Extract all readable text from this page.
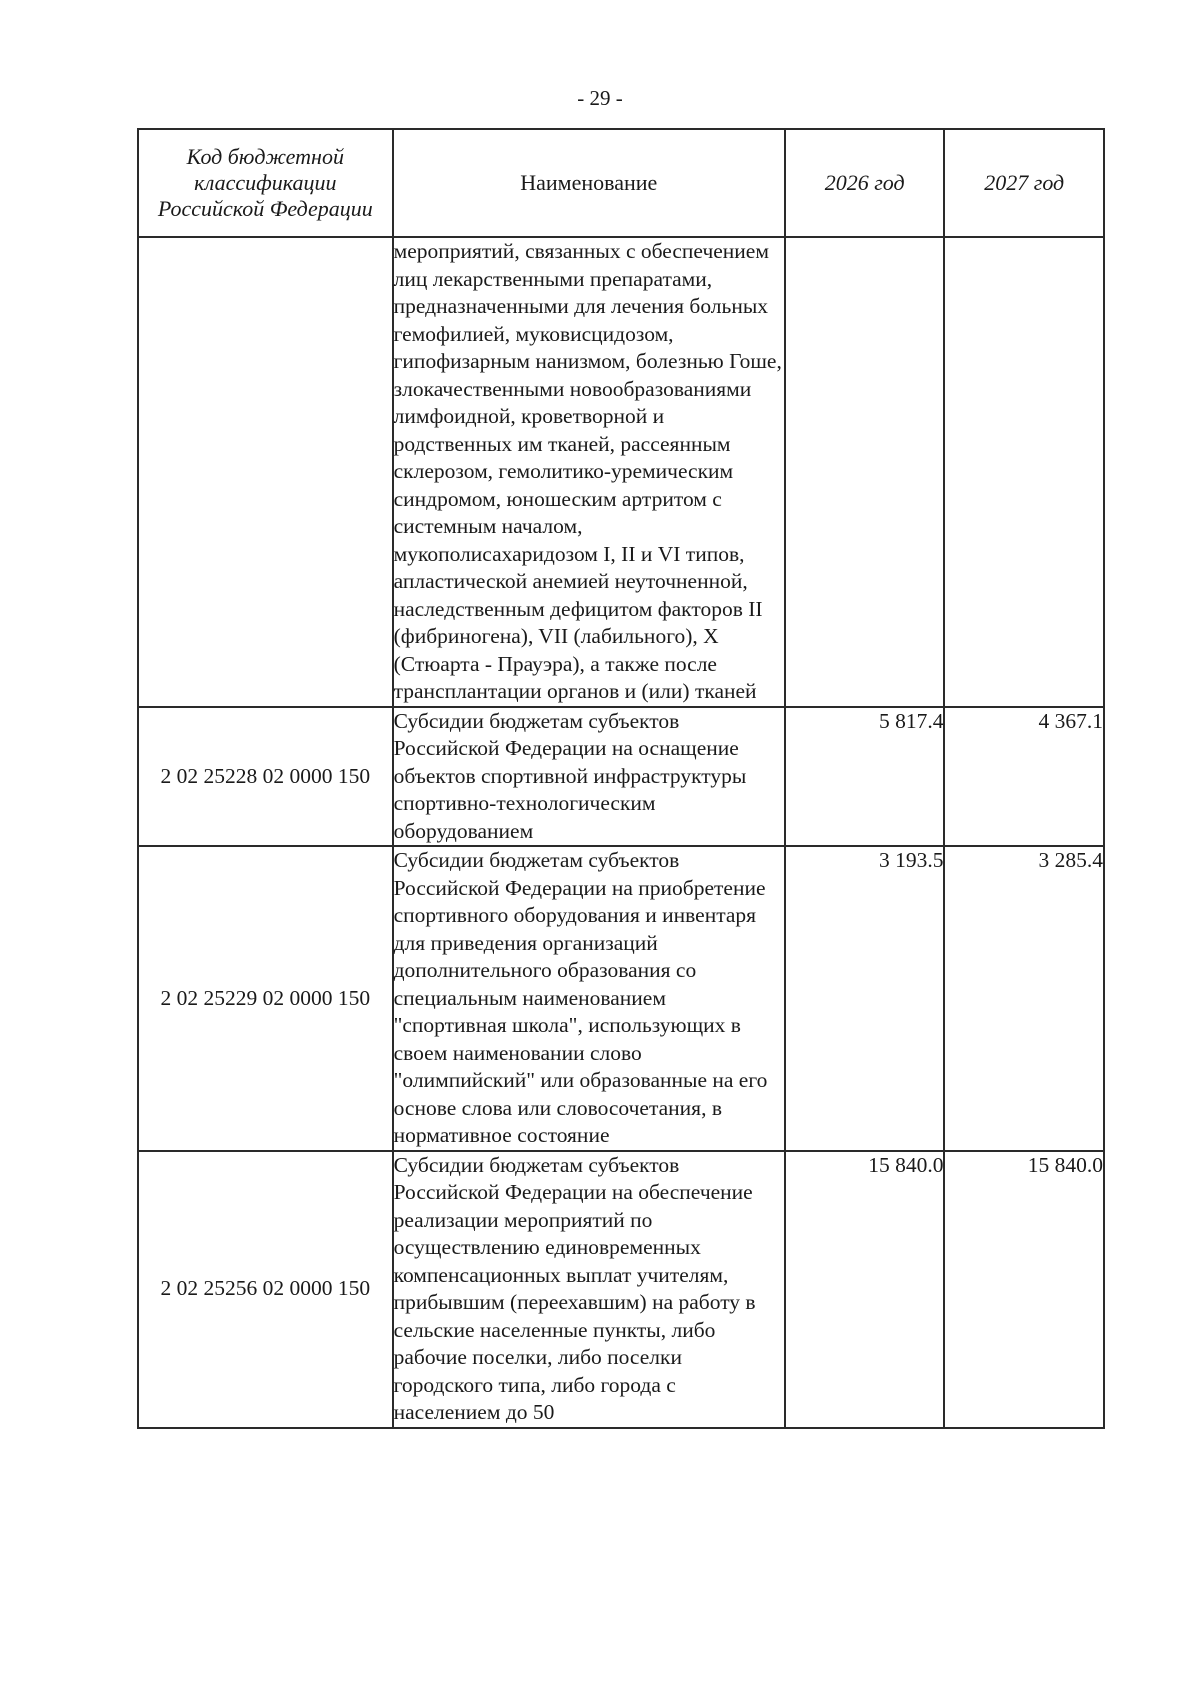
- 29 -
Код бюджетной классификации Российской Федерации	Наименование	2026 год	2027 год
	мероприятий, связанных с обеспечением лиц лекарственными препаратами, предназначенными для лечения больных гемофилией, муковисцидозом, гипофизарным нанизмом, болезнью Гоше, злокачественными новообразованиями лимфоидной, кроветворной и родственных им тканей, рассеянным склерозом, гемолитико-уремическим синдромом, юношеским артритом с системным началом, мукополисахаридозом I, II и VI типов, апластической анемией неуточненной, наследственным дефицитом факторов II (фибриногена), VII (лабильного), X (Стюарта - Прауэра), а также после трансплантации органов и (или) тканей		
2 02 25228 02 0000 150	Субсидии бюджетам субъектов Российской Федерации на оснащение объектов спортивной инфраструктуры спортивно-технологическим оборудованием	5 817.4	4 367.1
2 02 25229 02 0000 150	Субсидии бюджетам субъектов Российской Федерации на приобретение спортивного оборудования и инвентаря для приведения организаций дополнительного образования со специальным наименованием "спортивная школа", использующих в своем наименовании слово "олимпийский" или образованные на его основе слова или словосочетания, в нормативное состояние	3 193.5	3 285.4
2 02 25256 02 0000 150	Субсидии бюджетам субъектов Российской Федерации на обеспечение реализации мероприятий по осуществлению единовременных компенсационных выплат учителям, прибывшим (переехавшим) на работу в сельские населенные пункты, либо рабочие поселки, либо поселки городского типа, либо города с населением до 50	15 840.0	15 840.0
